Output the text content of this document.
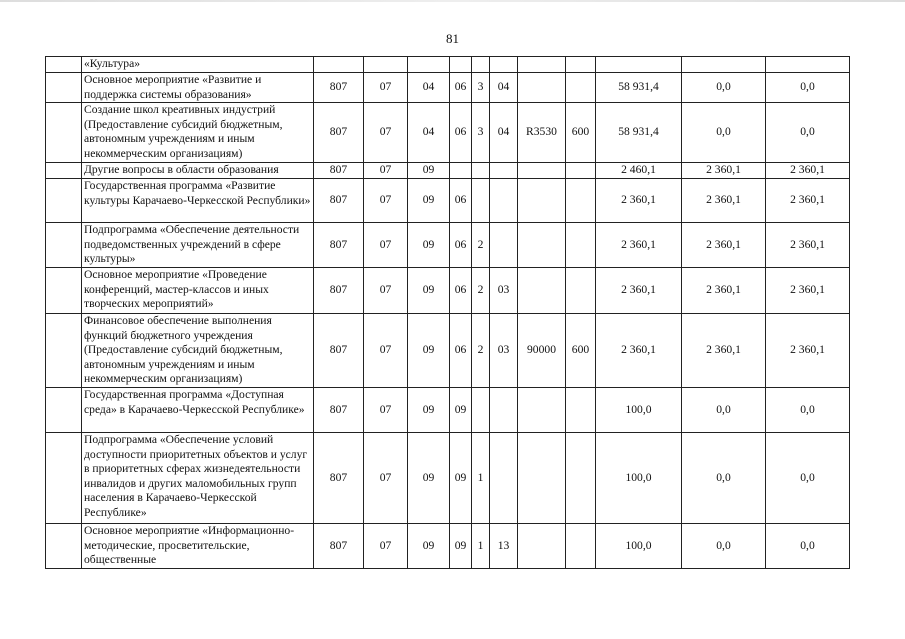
81
	«Культура»											
	Основное мероприятие «Развитие и поддержка системы образования»	807	07	04	06	3	04			58 931,4	0,0	0,0
	Создание школ креативных индустрий (Предоставление субсидий бюджетным, автономным учреждениям и иным некоммерческим организациям)	807	07	04	06	3	04	R3530	600	58 931,4	0,0	0,0
	Другие вопросы в области образования	807	07	09						2 460,1	2 360,1	2 360,1
	Государственная программа «Развитие культуры Карачаево-Черкесской Республики»	807	07	09	06					2 360,1	2 360,1	2 360,1
	Подпрограмма «Обеспечение деятельности подведомственных учреждений в сфере культуры»	807	07	09	06	2				2 360,1	2 360,1	2 360,1
	Основное мероприятие «Проведение конференций, мастер-классов и иных творческих мероприятий»	807	07	09	06	2	03			2 360,1	2 360,1	2 360,1
	Финансовое обеспечение выполнения функций бюджетного учреждения (Предоставление субсидий бюджетным, автономным учреждениям и иным некоммерческим организациям)	807	07	09	06	2	03	90000	600	2 360,1	2 360,1	2 360,1
	Государственная программа «Доступная среда» в Карачаево-Черкесской Республике»	807	07	09	09					100,0	0,0	0,0
	Подпрограмма «Обеспечение условий доступности приоритетных объектов и услуг в приоритетных сферах жизнедеятельности инвалидов и других маломобильных групп населения в Карачаево-Черкесской Республике»	807	07	09	09	1				100,0	0,0	0,0
	Основное мероприятие «Информационно-методические, просветительские, общественные	807	07	09	09	1	13			100,0	0,0	0,0
